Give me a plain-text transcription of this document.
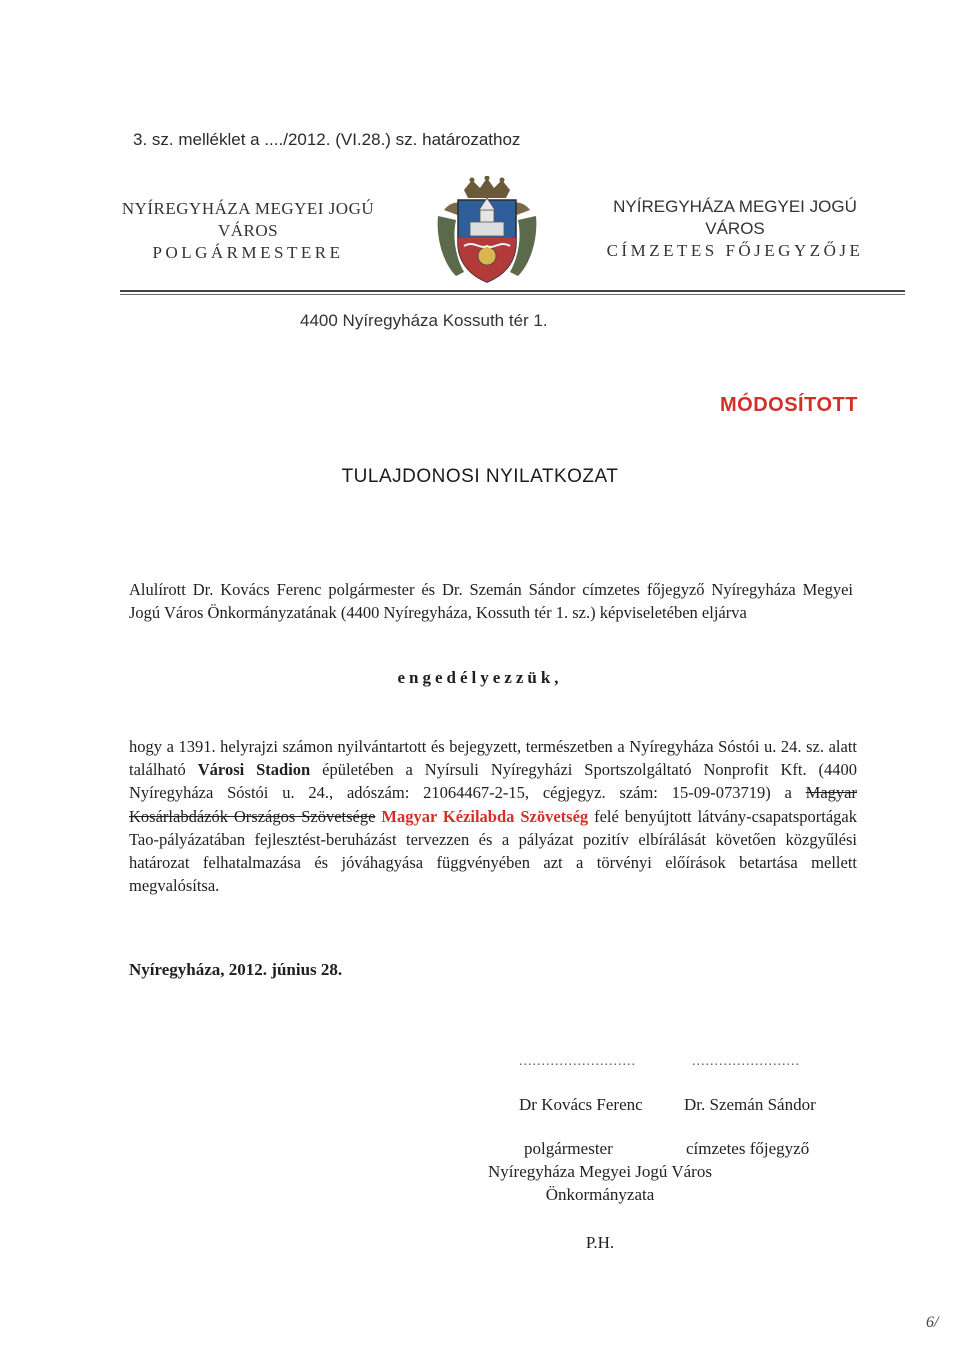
3. sz. melléklet a ..../2012. (VI.28.) sz. határozathoz
NYÍREGYHÁZA MEGYEI JOGÚ
VÁROS
POLGÁRMESTERE
NYÍREGYHÁZA MEGYEI JOGÚ
VÁROS
CÍMZETES FŐJEGYZŐJE
4400 Nyíregyháza Kossuth tér 1.
MÓDOSÍTOTT
TULAJDONOSI NYILATKOZAT
Alulírott Dr. Kovács Ferenc polgármester és Dr. Szemán Sándor címzetes főjegyző Nyíregyháza Megyei Jogú Város Önkormányzatának (4400 Nyíregyháza, Kossuth tér 1. sz.) képviseletében eljárva
engedélyezzük,
hogy a 1391. helyrajzi számon nyilvántartott és bejegyzett, természetben a Nyíregyháza Sóstói u. 24. sz. alatt található Városi Stadion épületében a Nyírsuli Nyíregyházi Sportszolgáltató Nonprofit Kft. (4400 Nyíregyháza Sóstói u. 24., adószám: 21064467-2-15, cégjegyz. szám: 15-09-073719) a Magyar Kosárlabdázók Országos Szövetsége Magyar Kézilabda Szövetség felé benyújtott látvány-csapatsportágak Tao-pályázatában fejlesztést-beruházást tervezzen és a pályázat pozitív elbírálását követően közgyűlési határozat felhatalmazása és jóváhagyása függvényében azt a törvényi előírások betartása mellett megvalósítsa.
Nyíregyháza, 2012. június 28.
..........................	........................
Dr Kovács Ferenc Dr. Szemán Sándor
polgármester	címzetes főjegyző
Nyíregyháza Megyei Jogú Város
Önkormányzata
P.H.
6/
